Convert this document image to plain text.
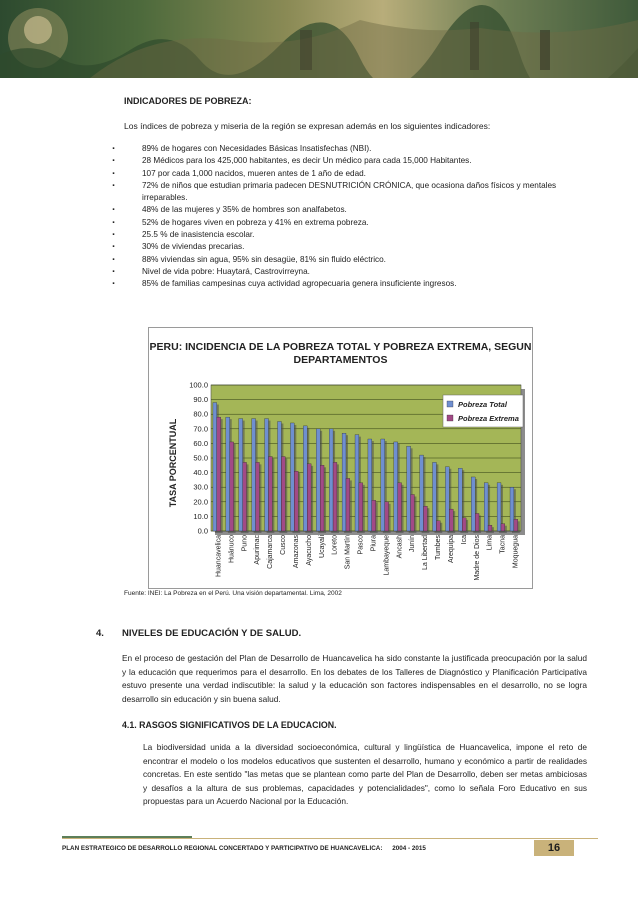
INDICADORES DE POBREZA:
Los índices de pobreza y miseria de la región se expresan además en los siguientes indicadores:
. 89% de hogares con Necesidades Básicas Insatisfechas (NBI).
. 28 Médicos para los 425,000 habitantes, es decir Un médico para cada 15,000 Habitantes.
. 107 por cada 1,000 nacidos, mueren antes de 1 año de edad.
. 72% de niños que estudian primaria padecen DESNUTRICIÓN CRÓNICA, que ocasiona daños físicos y mentales irreparables.
. 48% de las mujeres y 35% de hombres son analfabetos.
. 52% de hogares viven en pobreza y 41% en extrema pobreza.
. 25.5 % de inasistencia escolar.
. 30% de viviendas precarias.
. 88% viviendas sin agua, 95% sin desagüe, 81% sin fluido eléctrico.
. Nivel de vida pobre: Huaytará, Castrovirreyna.
. 85% de familias campesinas cuya actividad agropecuaria genera insuficiente ingresos.
PERU: INCIDENCIA DE LA POBREZA TOTAL Y POBREZA EXTREMA, SEGUN DEPARTAMENTOS
100.0
90.0
80.0
70.0
60.0
50.0
40.0
30.0
20.0
10.0
0.0
TASA PORCENTUAL
Huancavelica Huánuco Puno Apurimac Cajamarca Cusco Amazonas Ayacucho Ucayali Loreto San Martín Pasco Piura Lambayeque Ancash Junín La Libertad Tumbes Arequipa Ica Madre de Dios Lima Tacna Moquegua
Pobreza Total
Pobreza Extrema
Fuente: INEI: La Pobreza en el Perú. Una visión departamental. Lima, 2002
4. NIVELES DE EDUCACIÓN Y DE SALUD.

En el proceso de gestación del Plan de Desarrollo de Huancavelica ha sido constante la justificada preocupación por la salud y la educación que requerimos para el desarrollo. En los debates de los Talleres de Diagnóstico y Planificación Participativa estuvo presente una verdad indiscutible: la salud y la educación son factores indispensables en el desarrollo, no se logra desarrollo sin educación y sin buena salud.

4.1. RASGOS SIGNIFICATIVOS DE LA EDUCACION.

La biodiversidad unida a la diversidad socioeconómica, cultural y lingüística de Huancavelica, impone el reto de encontrar el modelo o los modelos educativos que sustenten el desarrollo, humano y económico a partir de realidades concretas. En este sentido "las metas que se plantean como parte del Plan de Desarrollo, deben ser metas ambiciosas y desafíos a la altura de sus problemas, capacidades y potencialidades", como lo señala Foro Educativo en sus propuestas para un Acuerdo Nacional por la Educación.

PLAN ESTRATEGICO DE DESARROLLO REGIONAL CONCERTADO Y PARTICIPATIVO DE HUANCAVELICA: 2004 - 2015	16
